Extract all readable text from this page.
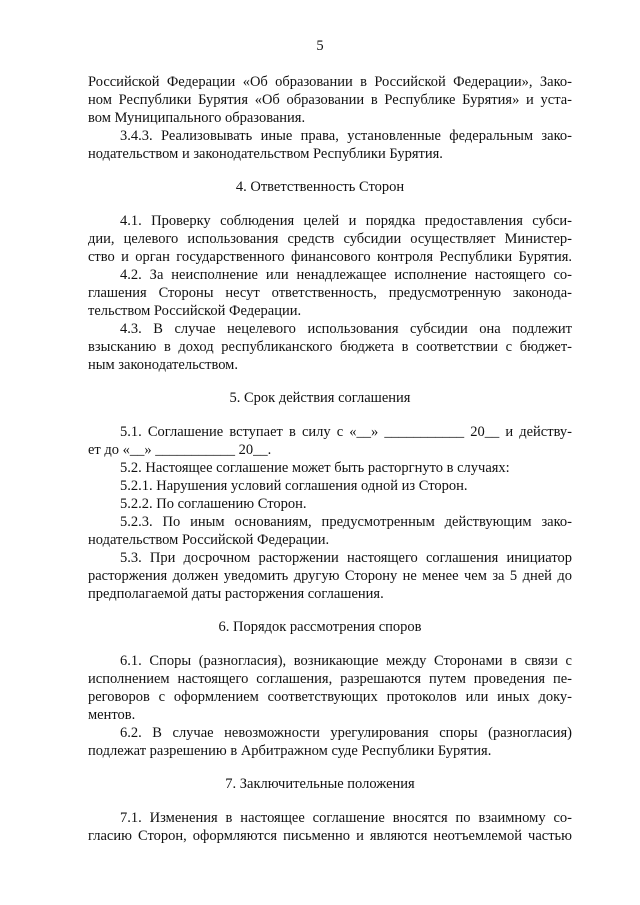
5
Российской Федерации «Об образовании в Российской Федерации», Зако-
ном Республики Бурятия «Об образовании в Республике Бурятия» и уста-
вом Муниципального образования.
3.4.3. Реализовывать иные права, установленные федеральным зако-
нодательством и законодательством Республики Бурятия.
4. Ответственность Сторон
4.1. Проверку соблюдения целей и порядка предоставления субси-
дии, целевого использования средств субсидии осуществляет Министер-
ство и орган государственного финансового контроля Республики Бурятия.
4.2. За неисполнение или ненадлежащее исполнение настоящего со-
глашения Стороны несут ответственность, предусмотренную законода-
тельством Российской Федерации.
4.3. В случае нецелевого использования субсидии она подлежит
взысканию в доход республиканского бюджета в соответствии с бюджет-
ным законодательством.
5. Срок действия соглашения
5.1. Соглашение вступает в силу с «__» ___________ 20__ и действу-
ет до «__» ___________ 20__.
5.2. Настоящее соглашение может быть расторгнуто в случаях:
5.2.1. Нарушения условий соглашения одной из Сторон.
5.2.2. По соглашению Сторон.
5.2.3. По иным основаниям, предусмотренным действующим зако-
нодательством Российской Федерации.
5.3. При досрочном расторжении настоящего соглашения инициатор
расторжения должен уведомить другую Сторону не менее чем за 5 дней до
предполагаемой даты расторжения соглашения.
6. Порядок рассмотрения споров
6.1. Споры (разногласия), возникающие между Сторонами в связи с
исполнением настоящего соглашения, разрешаются путем проведения пе-
реговоров с оформлением соответствующих протоколов или иных доку-
ментов.
6.2. В случае невозможности урегулирования споры (разногласия)
подлежат разрешению в Арбитражном суде Республики Бурятия.
7. Заключительные положения
7.1. Изменения в настоящее соглашение вносятся по взаимному со-
гласию Сторон, оформляются письменно и являются неотъемлемой частью
